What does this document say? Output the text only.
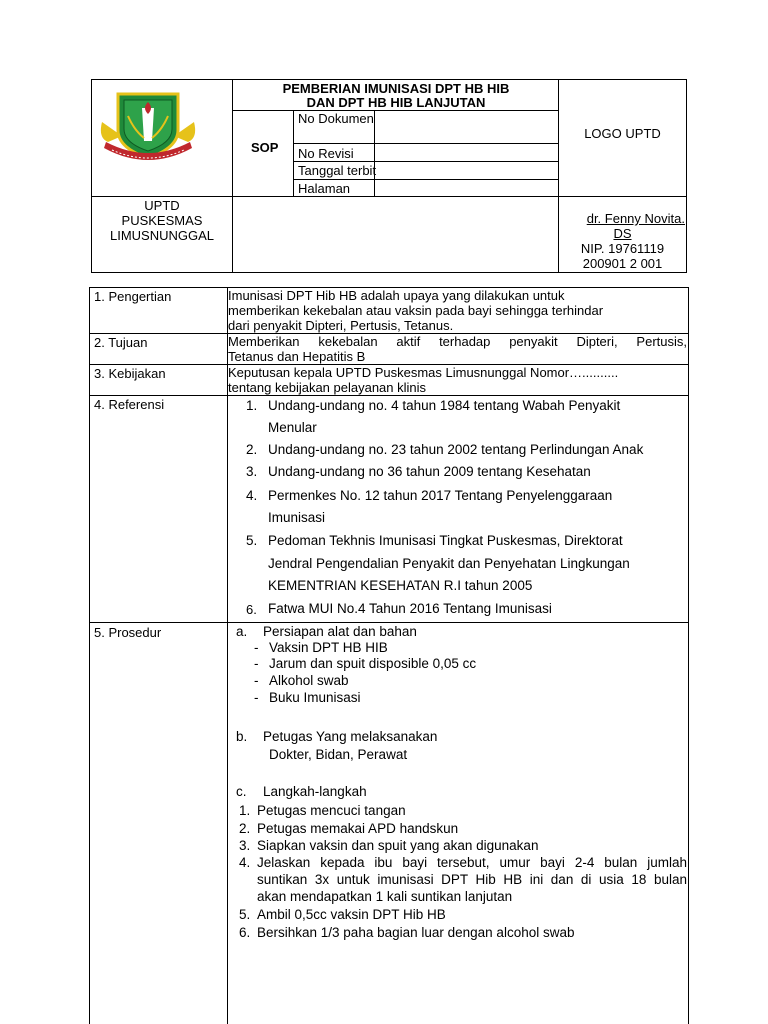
PEMBERIAN IMUNISASI DPT HB HIB
DAN DPT HB HIB LANJUTAN
SOP
No Dokumen
No Revisi
Tanggal terbit
Halaman
LOGO UPTD
UPTD
PUSKESMAS
LIMUSNUNGGAL
dr. Fenny Novita.
DS
NIP. 19761119
200901 2 001
1. Pengertian	Imunisasi DPT Hib HB adalah upaya yang dilakukan untuk
memberikan kekebalan atau vaksin pada bayi sehingga terhindar
dari penyakit Dipteri, Pertusis, Tetanus.
2. Tujuan	Memberikan kekebalan aktif terhadap penyakit Dipteri, Pertusis,
Tetanus dan Hepatitis B
3. Kebijakan	Keputusan kepala UPTD Puskesmas Limusnunggal Nomor…..........
tentang kebijakan pelayanan klinis
4. Referensi	1. Undang-undang no. 4 tahun 1984 tentang Wabah Penyakit
Menular
2. Undang-undang no. 23 tahun 2002 tentang Perlindungan Anak
3. Undang-undang no 36 tahun 2009 tentang Kesehatan
4. Permenkes No. 12 tahun 2017 Tentang Penyelenggaraan
Imunisasi
5. Pedoman Tekhnis Imunisasi Tingkat Puskesmas, Direktorat
Jendral Pengendalian Penyakit dan Penyehatan Lingkungan
KEMENTRIAN KESEHATAN R.I tahun 2005
6. Fatwa MUI No.4 Tahun 2016 Tentang Imunisasi
5. Prosedur	a. Persiapan alat dan bahan
- Vaksin DPT HB HIB
- Jarum dan spuit disposible 0,05 cc
- Alkohol swab
- Buku Imunisasi
b. Petugas Yang melaksanakan
Dokter, Bidan, Perawat
c. Langkah-langkah
1. Petugas mencuci tangan
2. Petugas memakai APD handskun
3. Siapkan vaksin dan spuit yang akan digunakan
4. Jelaskan kepada ibu bayi tersebut, umur bayi 2-4 bulan jumlah
suntikan 3x untuk imunisasi DPT Hib HB ini dan di usia 18 bulan
akan mendapatkan 1 kali suntikan lanjutan
5. Ambil 0,5cc vaksin DPT Hib HB
6. Bersihkan 1/3 paha bagian luar dengan alcohol swab
